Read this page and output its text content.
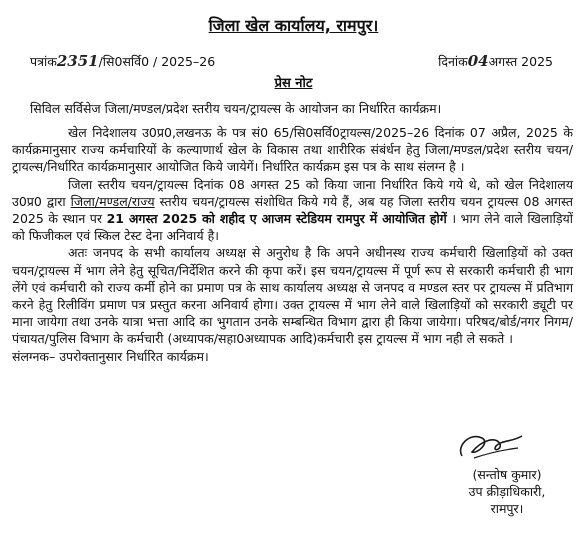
जिला खेल कार्यालय, रामपुर।
पत्रांक2351/सि0सर्वि0 / 2025–26	दिनांक04अगस्त 2025
प्रेस नोट
सिविल सर्विसेज जिला/मण्डल/प्रदेश स्तरीय चयन/ट्रायल्स के आयोजन का निर्धारित कार्यक्रम।

खेल निदेशालय उ0प्र0,लखनऊ के पत्र सं0 65/सि0सर्वि0ट्रायल्स/2025–26 दिनांक 07 अप्रैल, 2025 के कार्यक्रमानुसार राज्य कर्मचारियों के कल्याणार्थ खेल के विकास तथा शारीरिक संबंर्धन हेतु जिला/मण्डल/प्रदेश स्तरीय चयन/ट्रायल्स/निर्धारित कार्यक्रमानुसार आयोजित किये जायेगें। निर्धारित कार्यक्रम इस पत्र के साथ संलग्न है ।

जिला स्तरीय चयन/ट्रायल्स दिनांक 08 अगस्त 25 को किया जाना निर्धारित किये गये थे, को खेल निदेशालय उ0प्र0 द्वारा जिला/मण्डल/राज्य स्तरीय चयन/ट्रायल्स संशोधित किये गये हैं, अब यह जिला स्तरीय चयन ट्रायल्स 08 अगस्त 2025 के स्थान पर 21 अगस्त 2025 को शहीद ए आजम स्टेडियम रामपुर में आयोजित होगें । भाग लेने वाले खिलाड़ियों को फिजीकल एवं स्किल टेस्ट देना अनिवार्य है।

अतः जनपद के सभी कार्यालय अध्यक्ष से अनुरोध है कि अपने अधीनस्थ राज्य कर्मचारी खिलाड़ियों को उक्त चयन/ट्रायल्स में भाग लेने हेतु सूचित/निर्देशित करने की कृपा करें। इस चयन/ट्रायल्स में पूर्ण रूप से सरकारी कर्मचारी ही भाग लेंगे एवं कर्मचारी को राज्य कर्मी होने का प्रमाण पत्र के साथ कार्यालय अध्यक्ष से जनपद व मण्डल स्तर पर ट्रायल्स में प्रतिभाग करने हेतु रिलीविंग प्रमाण पत्र प्रस्तुत करना अनिवार्य होगा। उक्त ट्रायल्स में भाग लेने वाले खिलाड़ियों को सरकारी ड्यूटी पर माना जायेगा तथा उनके यात्रा भत्ता आदि का भुगतान उनके सम्बन्धित विभाग द्वारा ही किया जायेगा। परिषद/बोर्ड/नगर निगम/पंचायत/पुलिस विभाग के कर्मचारी (अध्यापक/सहा0अध्यापक आदि)कर्मचारी इस ट्रायल्स में भाग नही ले सकते ।

संलग्नक– उपरोक्तानुसार निर्धारित कार्यक्रम।

(सन्तोष कुमार)
उप क्रीड़ाधिकारी,
रामपुर।
